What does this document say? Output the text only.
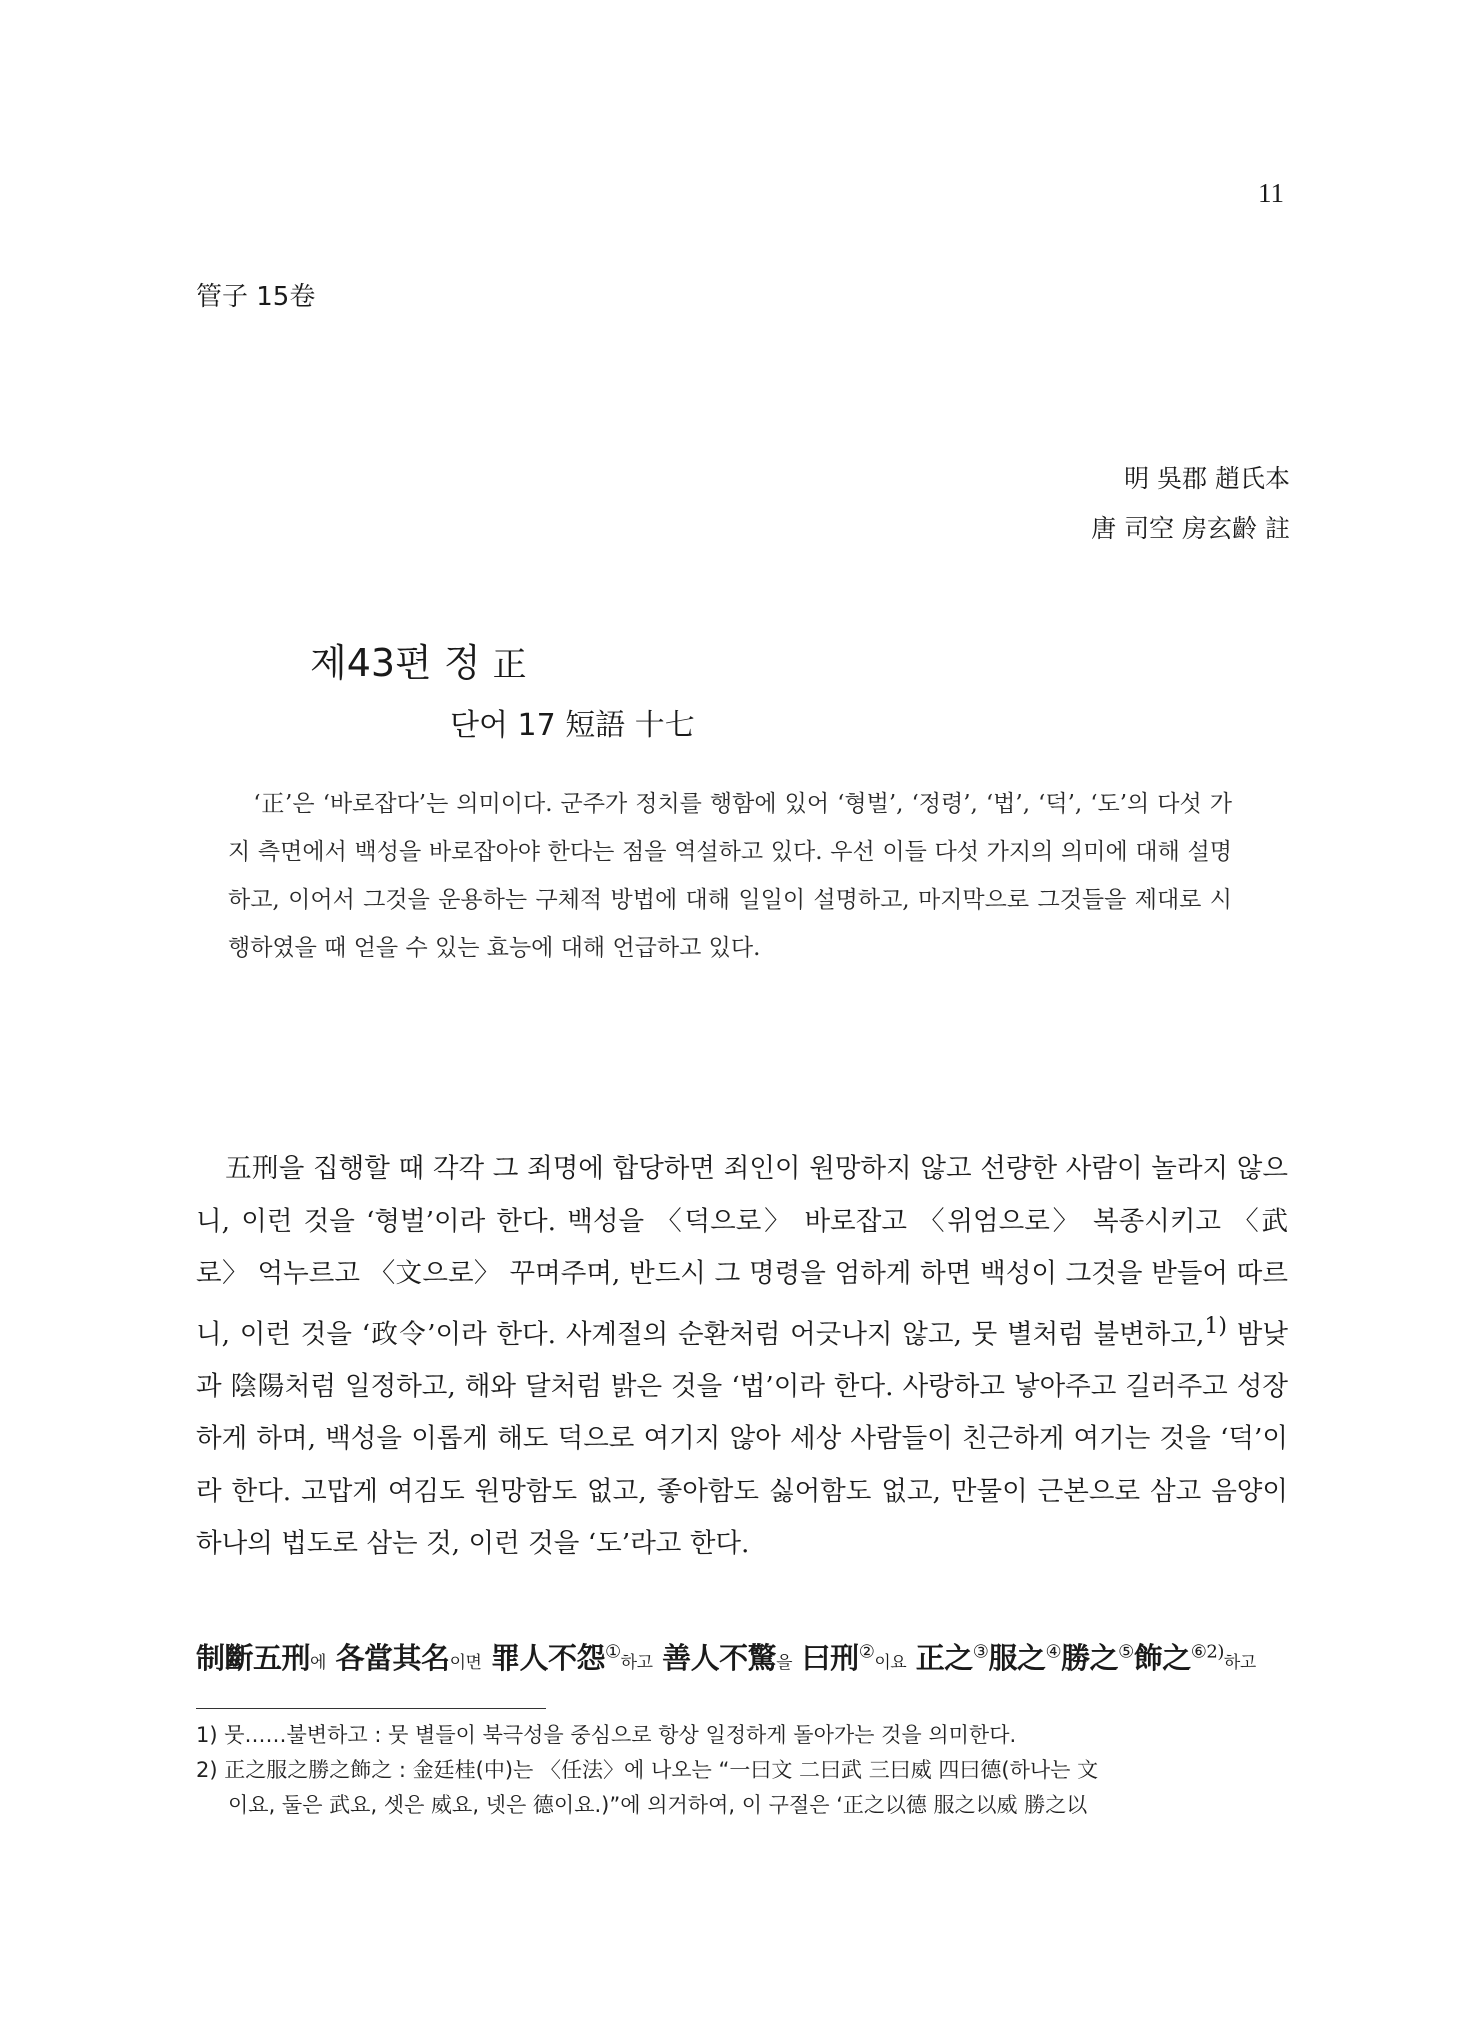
11
管子 15卷
明 吳郡 趙氏本
唐 司空 房玄齡 註
제43편 정 正
단어 17 短語 十七
‘正’은 ‘바로잡다’는 의미이다. 군주가 정치를 행함에 있어 ‘형벌’, ‘정령’, ‘법’, ‘덕’, ‘도’의 다섯 가지 측면에서 백성을 바로잡아야 한다는 점을 역설하고 있다. 우선 이들 다섯 가지의 의미에 대해 설명하고, 이어서 그것을 운용하는 구체적 방법에 대해 일일이 설명하고, 마지막으로 그것들을 제대로 시행하였을 때 얻을 수 있는 효능에 대해 언급하고 있다.
五刑을 집행할 때 각각 그 죄명에 합당하면 죄인이 원망하지 않고 선량한 사람이 놀라지 않으니, 이런 것을 ‘형벌’이라 한다. 백성을 〈덕으로〉 바로잡고 〈위엄으로〉 복종시키고 〈武로〉 억누르고 〈文으로〉 꾸며주며, 반드시 그 명령을 엄하게 하면 백성이 그것을 받들어 따르니, 이런 것을 ‘政令’이라 한다. 사계절의 순환처럼 어긋나지 않고, 뭇 별처럼 불변하고,$^{1)}$ 밤낮과 陰陽처럼 일정하고, 해와 달처럼 밝은 것을 ‘법’이라 한다. 사랑하고 낳아주고 길러주고 성장하게 하며, 백성을 이롭게 해도 덕으로 여기지 않아 세상 사람들이 친근하게 여기는 것을 ‘덕’이라 한다. 고맙게 여김도 원망함도 없고, 좋아함도 싫어함도 없고, 만물이 근본으로 삼고 음양이 하나의 법도로 삼는 것, 이런 것을 ‘도’라고 한다.
制斷五刑에 各當其名이면 罪人不怨①하고 善人不驚을 曰刑②이요 正之③服之④勝之⑤飾之$^{⑥2)}$하고
1) 뭇……불변하고 : 뭇 별들이 북극성을 중심으로 항상 일정하게 돌아가는 것을 의미한다.
2) 正之服之勝之飾之 : 金廷桂(中)는 〈任法〉에 나오는 “一曰文 二曰武 三曰威 四曰德(하나는 文
이요, 둘은 武요, 셋은 威요, 넷은 德이요.)”에 의거하여, 이 구절은 ‘正之以德 服之以威 勝之以
